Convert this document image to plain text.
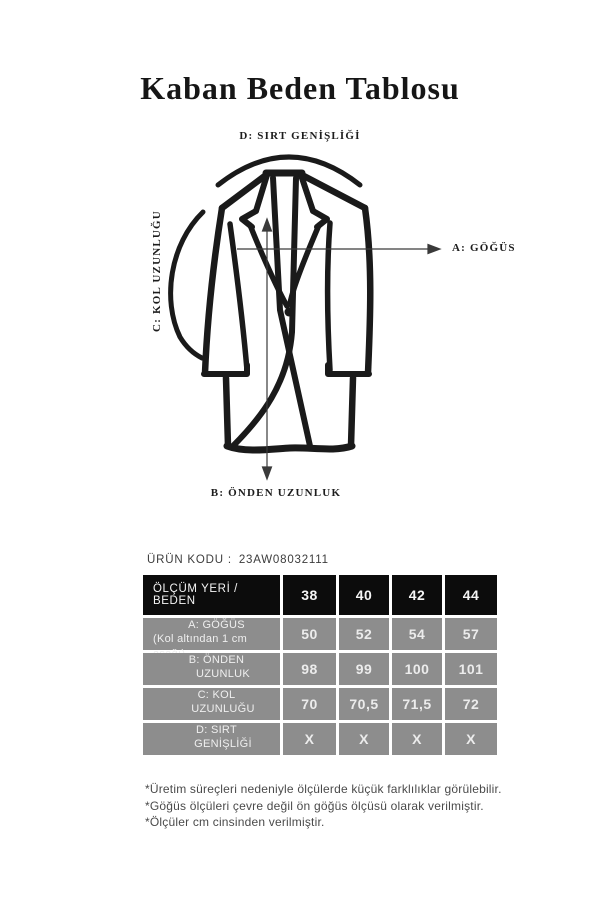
Kaban Beden Tablosu
D: SIRT GENİŞLİĞİ
A: GÖĞÜS
C: KOL UZUNLUĞU
B: ÖNDEN UZUNLUK
ÜRÜN KODU : 23AW08032111
ÖLÇÜM YERİ / BEDEN	38	40	42	44
A: GÖĞÜS
(Kol altından 1 cm	50	52	54	57
B: ÖNDEN
UZUNLUK	98	99	100	101
C: KOL
UZUNLUĞU	70	70,5	71,5	72
D: SIRT
GENİŞLİĞİ	X	X	X	X
*Üretim süreçleri nedeniyle ölçülerde küçük farklılıklar görülebilir.
*Göğüs ölçüleri çevre değil ön göğüs ölçüsü olarak verilmiştir.
*Ölçüler cm cinsinden verilmiştir.
